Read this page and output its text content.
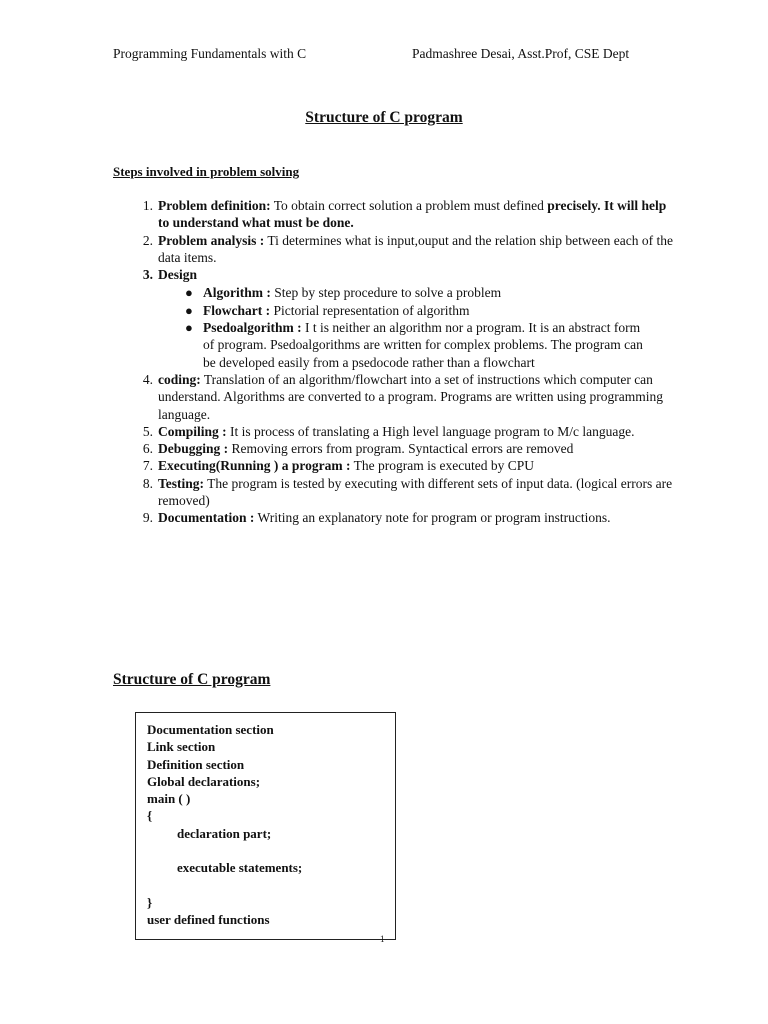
Programming Fundamentals with C	Padmashree Desai, Asst.Prof, CSE Dept
Structure of C program
Steps involved in problem solving
1. Problem definition: To obtain correct solution a problem must defined precisely. It will help to understand what must be done.
2. Problem analysis : Ti determines what is input,ouput and the relation ship between each of the data items.
3. Design
● Algorithm : Step by step procedure to solve a problem
● Flowchart : Pictorial representation of algorithm
● Psedoalgorithm : I t is neither an algorithm nor a program. It is an abstract form of program. Psedoalgorithms are written for complex problems. The program can be developed easily from a psedocode rather than a flowchart
4. coding: Translation of an algorithm/flowchart into a set of instructions which computer can understand. Algorithms are converted to a program. Programs are written using programming language.
5. Compiling : It is process of translating a High level language program to M/c language.
6. Debugging : Removing errors from program. Syntactical errors are removed
7. Executing(Running ) a program : The program is executed by CPU
8. Testing: The program is tested by executing with different sets of input data. (logical errors are removed)
9. Documentation : Writing an explanatory note for program or program instructions.
Structure of C program
Documentation section
Link section
Definition section
Global declarations;
main ( )
{
declaration part;
executable statements;
}
user defined functions
1
